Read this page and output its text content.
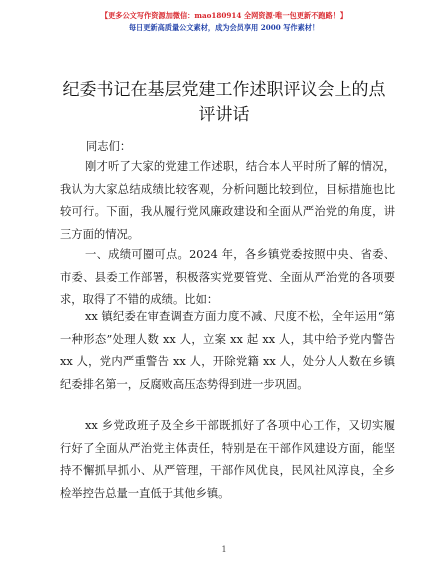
【更多公文写作资源加微信：mao180914 全网资源·唯一包更新不跑路！】
每日更新高质量公文素材，成为会员享用 2000 写作素材！
纪委书记在基层党建工作述职评议会上的点评讲话
同志们：
刚才听了大家的党建工作述职，结合本人平时所了解的情况，我认为大家总结成绩比较客观，分析问题比较到位，目标措施也比较可行。下面，我从履行党风廉政建设和全面从严治党的角度，讲三方面的情况。
一、成绩可圈可点。2024 年，各乡镇党委按照中央、省委、市委、县委工作部署，积极落实党要管党、全面从严治党的各项要求，取得了不错的成绩。比如：
xx 镇纪委在审查调查方面力度不减、尺度不松，全年运用“第一种形态”处理人数 xx 人，立案 xx 起 xx 人，其中给予党内警告 xx 人，党内严重警告 xx 人，开除党籍 xx 人，处分人人数在乡镇纪委排名第一，反腐败高压态势得到进一步巩固。
xx 乡党政班子及全乡干部既抓好了各项中心工作，又切实履行好了全面从严治党主体责任，特别是在干部作风建设方面，能坚持不懈抓早抓小、从严管理，干部作风优良，民风社风淳良，全乡检举控告总量一直低于其他乡镇。
1
